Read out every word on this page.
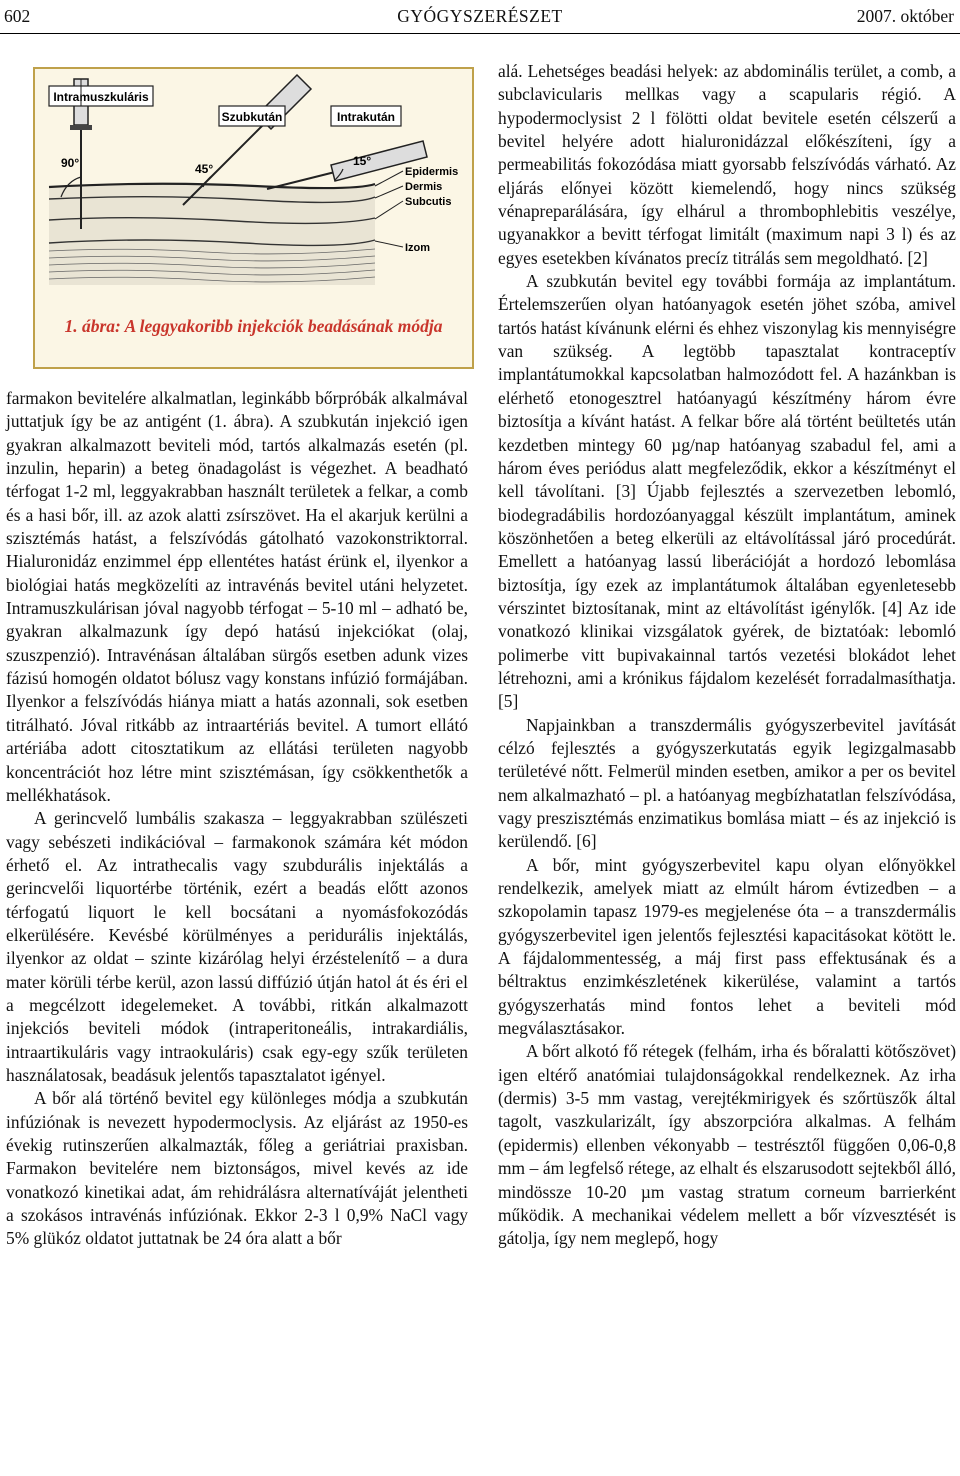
602	GYÓGYSZERÉSZET	2007. október
Intramuszkuláris
Szubkután	Intrakután
90°	45°
15°
Epidermis
Dermis
Subcutis
Izom
1. ábra: A leggyakoribb injekciók beadásának módja

farmakon bevitelére alkalmatlan, leginkább bőrpróbák alkalmával juttatjuk így be az antigént (1. ábra). A szubkután injekció igen gyakran alkalmazott beviteli mód, tartós alkalmazás esetén (pl. inzulin, heparin) a beteg önadagolást is végezhet. A beadható térfogat 1-2 ml, leggyakrabban használt területek a felkar, a comb és a hasi bőr, ill. az azok alatti zsírszövet. Ha el akarjuk kerülni a szisztémás hatást, a felszívódás gátolható vazokonstriktorral. Hialuronidáz enzimmel épp ellentétes hatást érünk el, ilyenkor a biológiai hatás megközelíti az intravénás bevitel utáni helyzetet. Intramuszkulárisan jóval nagyobb térfogat – 5-10 ml – adható be, gyakran alkalmazunk így depó hatású injekciókat (olaj, szuszpenzió). Intravénásan általában sürgős esetben adunk vizes fázisú homogén oldatot bólusz vagy konstans infúzió formájában. Ilyenkor a felszívódás hiánya miatt a hatás azonnali, sok esetben titrálható. Jóval ritkább az intraartériás bevitel. A tumort ellátó artériába adott citosztatikum az ellátási területen nagyobb koncentrációt hoz létre mint szisztémásan, így csökkenthetők a mellékhatások.

A gerincvelő lumbális szakasza – leggyakrabban szülészeti vagy sebészeti indikációval – farmakonok számára két módon érhető el. Az intrathecalis vagy szubdurális injektálás a gerincvelői liquortérbe történik, ezért a beadás előtt azonos térfogatú liquort le kell bocsátani a nyomásfokozódás elkerülésére. Kevésbé körülményes a peridurális injektálás, ilyenkor az oldat – szinte kizárólag helyi érzéstelenítő – a dura mater körüli térbe kerül, azon lassú diffúzió útján hatol át és éri el a megcélzott idegelemeket. A további, ritkán alkalmazott injekciós beviteli módok (intraperitoneális, intrakardiális, intraartikuláris vagy intraokuláris) csak egy-egy szűk területen használatosak, beadásuk jelentős tapasztalatot igényel.

A bőr alá történő bevitel egy különleges módja a szubkután infúziónak is nevezett hypodermoclysis. Az eljárást az 1950-es évekig rutinszerűen alkalmazták, főleg a geriátriai praxisban. Farmakon bevitelére nem biztonságos, mivel kevés az ide vonatkozó kinetikai adat, ám rehidrálásra alternatíváját jelentheti a szokásos intravénás infúziónak. Ekkor 2-3 l 0,9% NaCl vagy 5% glükóz oldatot juttatnak be 24 óra alatt a bőr

alá. Lehetséges beadási helyek: az abdominális terület, a comb, a subclavicularis mellkas vagy a scapularis régió. A hypodermoclysist 2 l fölötti oldat bevitele esetén célszerű a bevitel helyére adott hialuronidázzal előkészíteni, így a permeabilitás fokozódása miatt gyorsabb felszívódás várható. Az eljárás előnyei között kiemelendő, hogy nincs szükség vénapreparálására, így elhárul a thrombophlebitis veszélye, ugyanakkor a bevitt térfogat limitált (maximum napi 3 l) és az egyes esetekben kívánatos precíz titrálás sem megoldható. [2]

A szubkután bevitel egy további formája az implantátum. Értelemszerűen olyan hatóanyagok esetén jöhet szóba, amivel tartós hatást kívánunk elérni és ehhez viszonylag kis mennyiségre van szükség. A legtöbb tapasztalat kontraceptív implantátumokkal kapcsolatban halmozódott fel. A hazánkban is elérhető etonogesztrel hatóanyagú készítmény három évre biztosítja a kívánt hatást. A felkar bőre alá történt beültetés után kezdetben mintegy 60 µg/nap hatóanyag szabadul fel, ami a három éves periódus alatt megfeleződik, ekkor a készítményt el kell távolítani. [3] Újabb fejlesztés a szervezetben lebomló, biodegradábilis hordozóanyaggal készült implantátum, aminek köszönhetően a beteg elkerüli az eltávolítással járó procedúrát. Emellett a hatóanyag lassú liberációját a hordozó lebomlása biztosítja, így ezek az implantátumok általában egyenletesebb vérszintet biztosítanak, mint az eltávolítást igénylők. [4] Az ide vonatkozó klinikai vizsgálatok gyérek, de biztatóak: lebomló polimerbe vitt bupivakainnal tartós vezetési blokádot lehet létrehozni, ami a krónikus fájdalom kezelését forradalmasíthatja. [5]

Napjainkban a transzdermális gyógyszerbevitel javítását célzó fejlesztés a gyógyszerkutatás egyik legizgalmasabb területévé nőtt. Felmerül minden esetben, amikor a per os bevitel nem alkalmazható – pl. a hatóanyag megbízhatatlan felszívódása, vagy preszisztémás enzimatikus bomlása miatt – és az injekció is kerülendő. [6]

A bőr, mint gyógyszerbevitel kapu olyan előnyökkel rendelkezik, amelyek miatt az elmúlt három évtizedben – a szkopolamin tapasz 1979-es megjelenése óta – a transzdermális gyógyszerbevitel igen jelentős fejlesztési kapacitásokat kötött le. A fájdalommentesség, a máj first pass effektusának és a béltraktus enzimkészletének kikerülése, valamint a tartós gyógyszerhatás mind fontos lehet a beviteli mód megválasztásakor.

A bőrt alkotó fő rétegek (felhám, irha és bőralatti kötőszövet) igen eltérő anatómiai tulajdonságokkal rendelkeznek. Az irha (dermis) 3-5 mm vastag, verejtékmirigyek és szőrtüszők által tagolt, vaszkularizált, így abszorpcióra alkalmas. A felhám (epidermis) ellenben vékonyabb – testrésztől függően 0,06-0,8 mm – ám legfelső rétege, az elhalt és elszarusodott sejtekből álló, mindössze 10-20 µm vastag stratum corneum barrierként működik. A mechanikai védelem mellett a bőr vízvesztését is gátolja, így nem meglepő, hogy
